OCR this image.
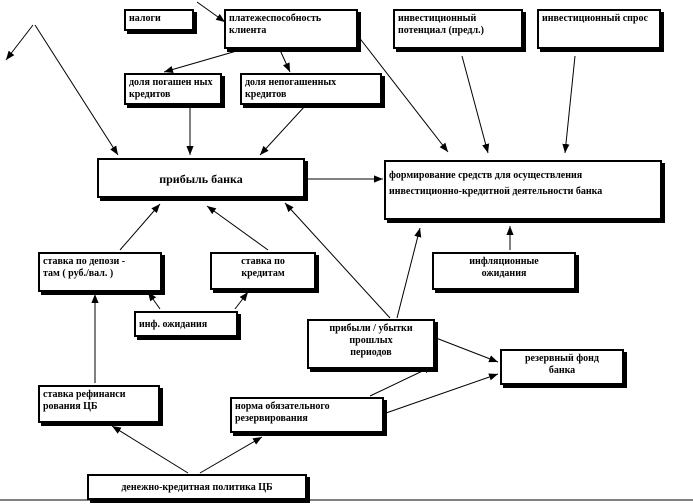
налоги	платежеспособность клиента
инвестиционный потенциал (предл.)
инвестиционный спрос
доля погашен ных кредитов
доля непогашенных кредитов
прибыль банка	формирование средств для осуществления инвестиционно-кредитной деятельности банка
ставка по депози -
там ( руб./вал. )
ставка по
кредитам
инфляционные
ожидания
инф. ожидания	прибыли / убытки
прошлых
периодов
резервный фонд
банка
ставка рефинанси
рования ЦБ	норма обязательного
резервирования
денежно-кредитная политика ЦБ
